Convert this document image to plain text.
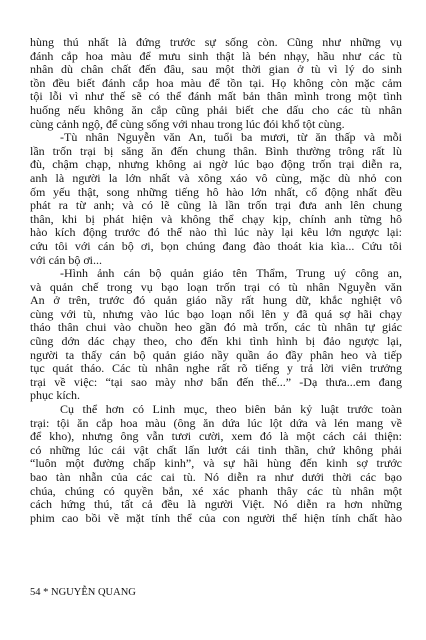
hùng thú nhất là đứng trước sự sống còn. Cũng như những vụ
đánh cắp hoa màu để mưu sinh thật là bén nhạy, hầu như các tù
nhân dù chân chất đến đâu, sau một thời gian ở tù vì lý do sinh
tồn đều biết đánh cắp hoa màu để tồn tại. Họ không còn mặc cảm
tội lỗi vì như thế sẽ có thể đánh mất bản thân mình trong một tình
huống nếu không ăn cắp cũng phải biết che dấu cho các tù nhân
cùng cảnh ngộ, để cùng sống với nhau trong lúc đói khổ tột cùng.
-Tù nhân Nguyễn văn An, tuổi ba mươi, từ ăn thấp và mỗi
lần trốn trại bị săng ăn đến chung thân. Bình thường trông rất lù
đù, chậm chạp, nhưng không ai ngờ lúc bạo động trốn trại diễn ra,
anh là người la lớn nhất và xông xáo vô cùng, mặc dù nhỏ con
ốm yếu thật, song những tiếng hô hào lớn nhất, cổ động nhất đều
phát ra từ anh; và có lẽ cũng là lần trốn trại đưa anh lên chung
thân, khi bị phát hiện và không thể chạy kịp, chính anh từng hô
hào kích động trước đó thế nào thì lúc này lại kêu lớn ngược lại:
cứu tôi với cán bộ ơi, bọn chúng đang đào thoát kia kìa... Cứu tôi
với cán bộ ơi...
-Hình ảnh cán bộ quản giáo tên Thẩm, Trung uý công an,
và quản chế trong vụ bạo loạn trốn trại có tù nhân Nguyễn văn
An ở trên, trước đó quản giáo nầy rất hung dữ, khắc nghiệt vô
cùng với tù, nhưng vào lúc bạo loạn nổi lên y đã quá sợ hãi chạy
tháo thân chui vào chuồn heo gần đó mà trốn, các tù nhân tự giác
cũng dớn dác chạy theo, cho đến khi tình hình bị đảo ngược lại,
người ta thấy cán bộ quản giáo nầy quần áo đầy phân heo và tiếp
tục quát tháo. Các tù nhân nghe rất rõ tiếng y trả lời viên trưởng
trại về việc: “tại sao mày nhơ bẩn đến thế...” -Dạ thưa...em đang
phục kích.
Cụ thể hơn có Linh mục, theo biên bản kỷ luật trước toàn
trại: tội ăn cắp hoa màu (ông ăn dứa lúc lột dứa và lén mang về
để kho), nhưng ông vẫn tươi cười, xem đó là một cách cải thiện:
có những lúc cái vật chất lấn lướt cái tinh thần, chứ không phải
“luôn một đường chấp kinh”, và sự hãi hùng đến kinh sợ trước
bao tàn nhẫn của các cai tù. Nó diễn ra như dưới thời các bạo
chúa, chúng có quyền bắn, xé xác phanh thây các tù nhân một
cách hứng thú, tất cả đều là người Việt. Nó diễn ra hơn những
phim cao bồi về mặt tính thể của con người thể hiện tính chất hào
54 * NGUYỄN QUANG
